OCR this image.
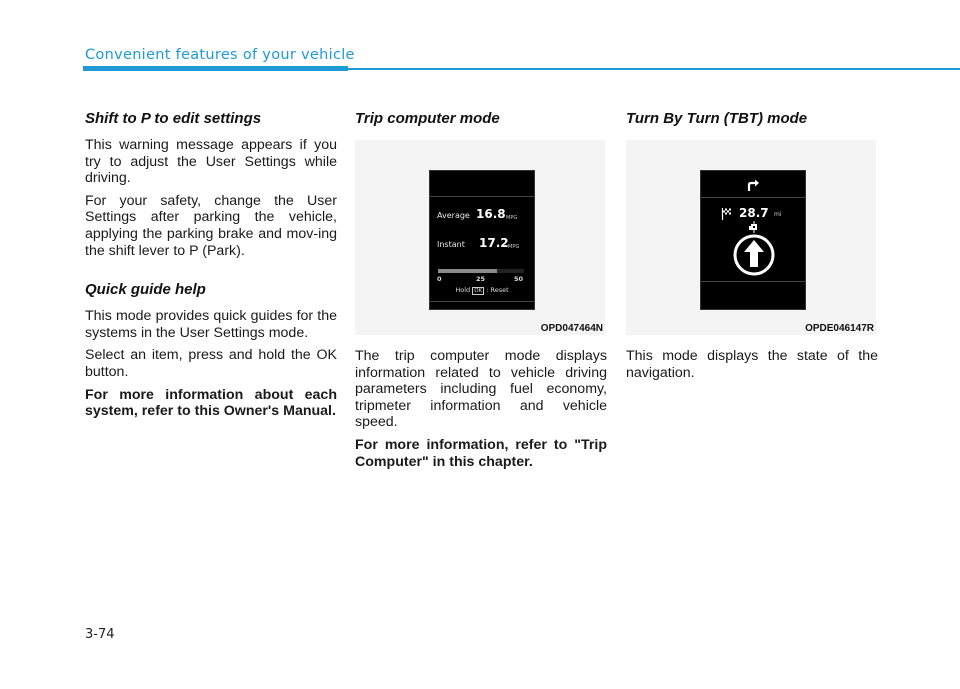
Convenient features of your vehicle
Shift to P to edit settings

This warning message appears if you try to adjust the User Settings while driving.

For your safety, change the User Settings after parking the vehicle, applying the parking brake and mov-ing the shift lever to P (Park).

Quick guide help

This mode provides quick guides for the systems in the User Settings mode.

Select an item, press and hold the OK button.

For more information about each system, refer to this Owner's Manual.

Trip computer mode
Average 16.8 MPG
Instant 17.2 MPG
0	25	50
Hold OK : Reset
OPD047464N

The trip computer mode displays information related to vehicle driving parameters including fuel economy, tripmeter information and vehicle speed.

For more information, refer to "Trip Computer" in this chapter.

Turn By Turn (TBT) mode
28.7 mi
OPDE046147R

This mode displays the state of the navigation.

3-74
